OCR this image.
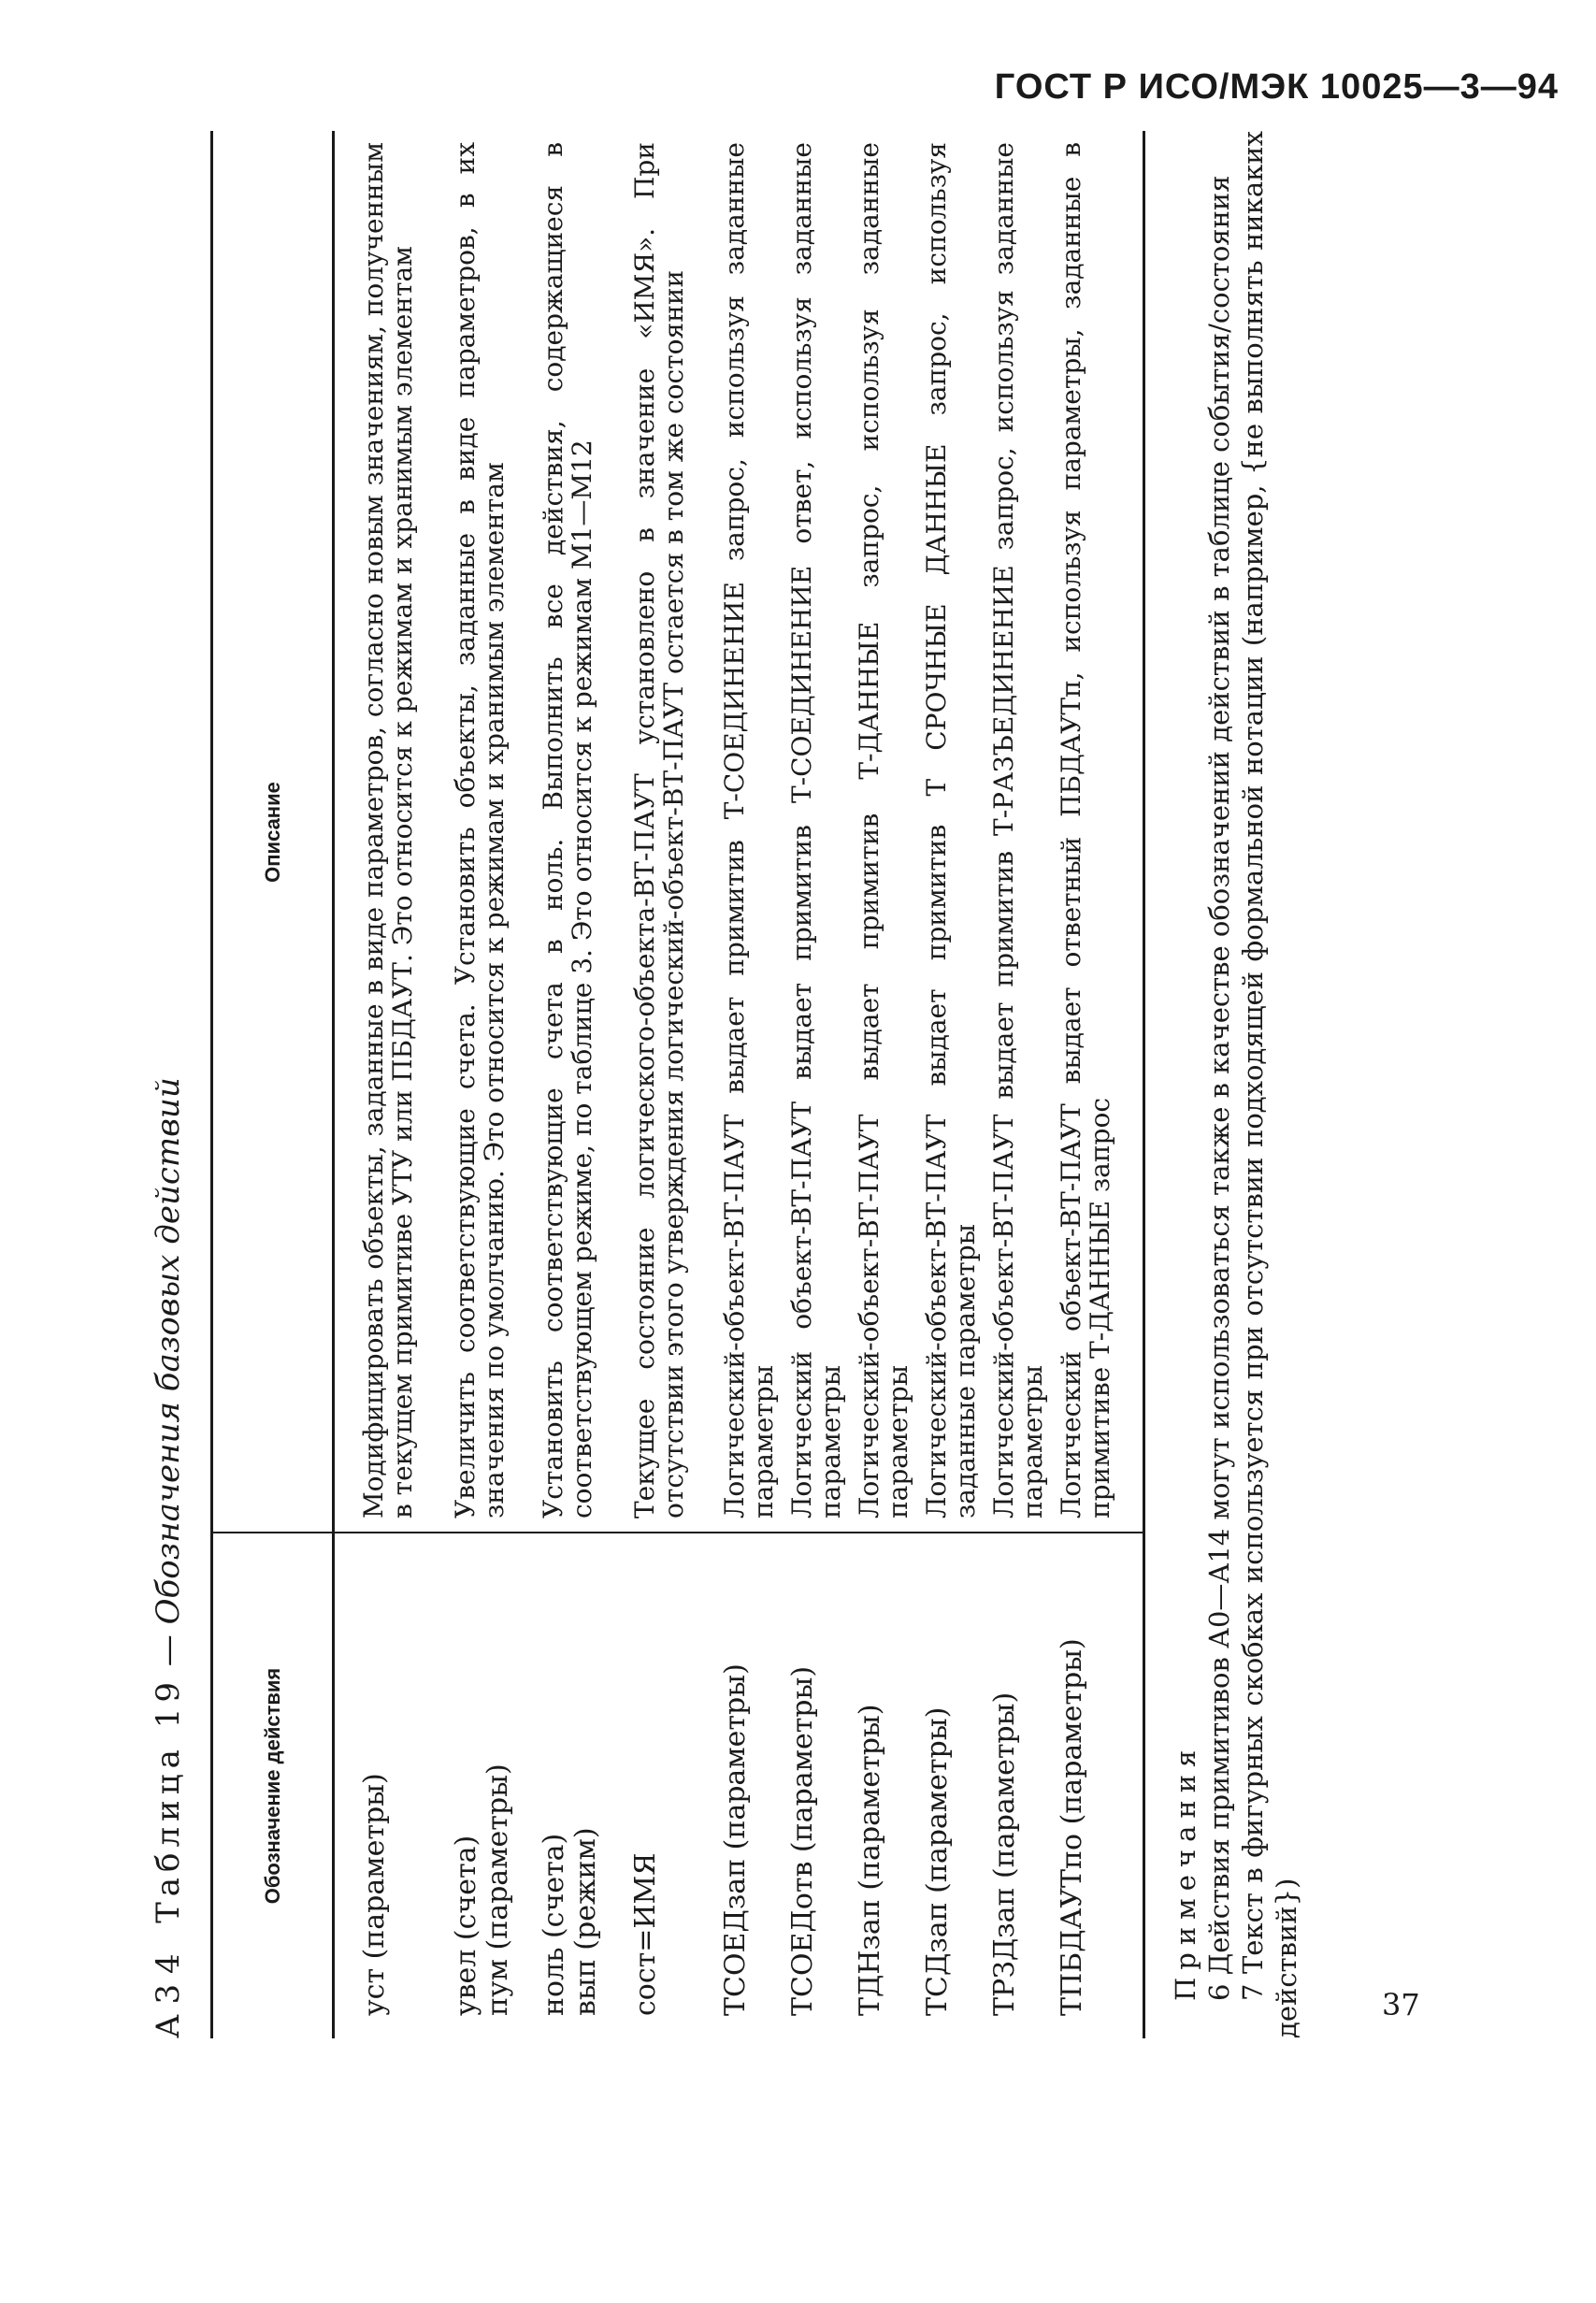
ГОСТ Р ИСО/МЭК 10025—3—94
А 3 4   Таблица 19 — Обозначения базовых действий
Обозначение действия
Описание
уст (параметры)
Модифицировать объекты, заданные в виде параметров, согласно новым значениям, полученным в текущем примитиве УТУ или ПБДАУТ. Это относится к режимам и хранимым элементам
увел (счета) пум (параметры)
Увеличить соответствующие счета. Установить объекты, заданные в виде параметров, в их значения по умолчанию. Это относится к режимам и хранимым элементам
ноль (счета) вып (режим)
Установить соответствующие счета в ноль. Выполнить все действия, содержащиеся в соответствующем режиме, по таблице 3. Это относится к режимам М1—М12
сост=ИМЯ
Текущее состояние логического-объекта-ВТ-ПАУТ установлено в значение «ИМЯ». При отсутствии этого утверждения логический-объект-ВТ-ПАУТ остается в том же состоянии
ТСОЕДзап (параметры)
Логический-объект-ВТ-ПАУТ выдает примитив Т-СОЕДИНЕНИЕ запрос, используя заданные параметры
ТСОЕДотв (параметры)
Логический объект-ВТ-ПАУТ выдает примитив Т-СОЕДИНЕНИЕ ответ, используя заданные параметры
ТДНзап (параметры)
Логический-объект-ВТ-ПАУТ выдает примитив Т-ДАННЫЕ запрос, используя заданные параметры
ТСДзап (параметры)
Логический-объект-ВТ-ПАУТ выдает примитив Т СРОЧНЫЕ ДАННЫЕ запрос, используя заданные параметры
ТРЗДзап (параметры)
Логический-объект-ВТ-ПАУТ выдает примитив Т-РАЗЪЕДИНЕНИЕ запрос, используя заданные параметры
ТПБДАУТпо (параметры)
Логический объект-ВТ-ПАУТ выдает ответный ПБДАУТп, используя параметры, заданные в примитиве Т-ДАННЫЕ запрос
Примечания 6 Действия примитивов А0—А14 могут использоваться также в качестве обозначений действий в таблице события/состояния 7 Текст в фигурных скобках используется при отсутствии подходящей формальной нотации (например, {не выполнять никаких действий})	37
